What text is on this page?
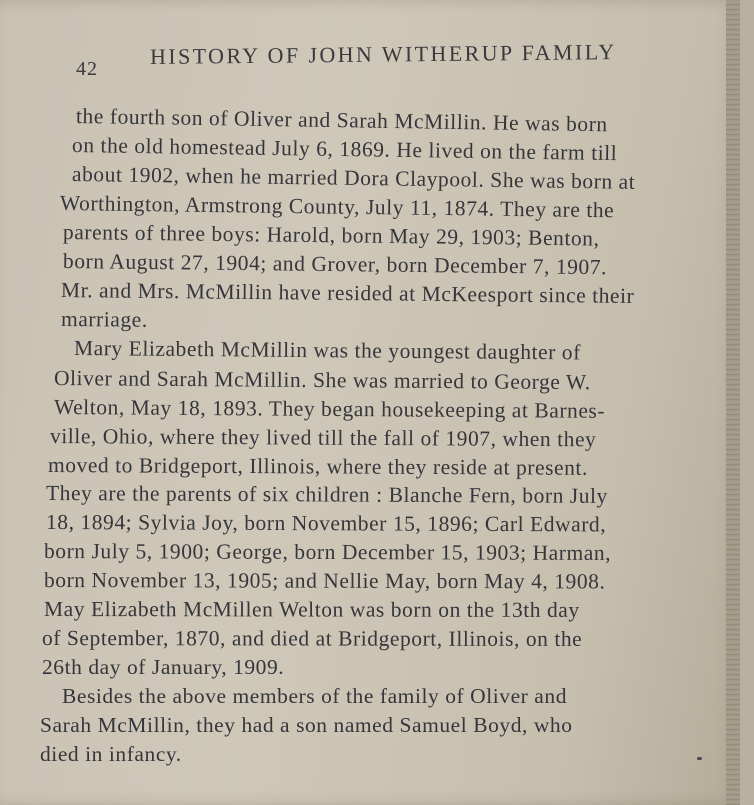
42
HISTORY OF JOHN WITHERUP FAMILY
the fourth son of Oliver and Sarah McMillin. He was born
on the old homestead July 6, 1869. He lived on the farm till
about 1902, when he married Dora Claypool. She was born at
Worthington, Armstrong County, July 11, 1874. They are the
parents of three boys: Harold, born May 29, 1903; Benton,
born August 27, 1904; and Grover, born December 7, 1907.
Mr. and Mrs. McMillin have resided at McKeesport since their
marriage.
Mary Elizabeth McMillin was the youngest daughter of
Oliver and Sarah McMillin. She was married to George W.
Welton, May 18, 1893. They began housekeeping at Barnes-
ville, Ohio, where they lived till the fall of 1907, when they
moved to Bridgeport, Illinois, where they reside at present.
They are the parents of six children : Blanche Fern, born July
18, 1894; Sylvia Joy, born November 15, 1896; Carl Edward,
born July 5, 1900; George, born December 15, 1903; Harman,
born November 13, 1905; and Nellie May, born May 4, 1908.
May Elizabeth McMillen Welton was born on the 13th day
of September, 1870, and died at Bridgeport, Illinois, on the
26th day of January, 1909.
Besides the above members of the family of Oliver and
Sarah McMillin, they had a son named Samuel Boyd, who
died in infancy.
